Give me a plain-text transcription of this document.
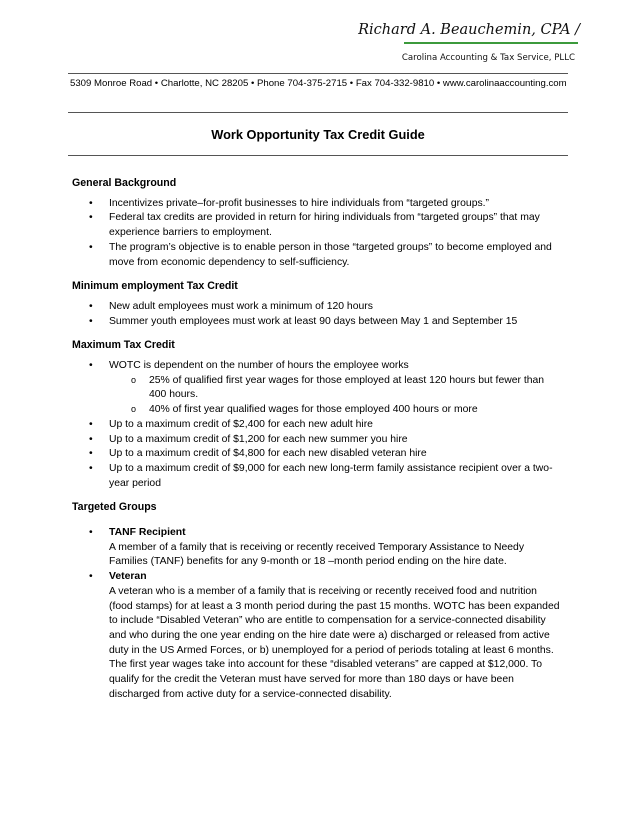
Richard A. Beauchemin, CPA /
Carolina Accounting & Tax Service, PLLC
5309 Monroe Road • Charlotte, NC 28205 • Phone 704-375-2715 • Fax 704-332-9810 • www.carolinaaccounting.com
Work Opportunity Tax Credit Guide
General Background
• Incentivizes private–for-profit businesses to hire individuals from “targeted groups.”
• Federal tax credits are provided in return for hiring individuals from “targeted groups” that may experience barriers to employment.
• The program’s objective is to enable person in those “targeted groups” to become employed and move from economic dependency to self-sufficiency.
Minimum employment Tax Credit
• New adult employees must work a minimum of 120 hours
• Summer youth employees must work at least 90 days between May 1 and September 15
Maximum Tax Credit
• WOTC is dependent on the number of hours the employee works
o 25% of qualified first year wages for those employed at least 120 hours but fewer than 400 hours.
o 40% of first year qualified wages for those employed 400 hours or more
• Up to a maximum credit of $2,400 for each new adult hire
• Up to a maximum credit of $1,200 for each new summer you hire
• Up to a maximum credit of $4,800 for each new disabled veteran hire
• Up to a maximum credit of $9,000 for each new long-term family assistance recipient over a two-year period
Targeted Groups
• TANF Recipient
A member of a family that is receiving or recently received Temporary Assistance to Needy Families (TANF) benefits for any 9-month or 18 –month period ending on the hire date.
• Veteran
A veteran who is a member of a family that is receiving or recently received food and nutrition (food stamps) for at least a 3 month period during the past 15 months. WOTC has been expanded to include “Disabled Veteran” who are entitle to compensation for a service-connected disability and who during the one year ending on the hire date were a) discharged or released from active duty in the US Armed Forces, or b) unemployed for a period of periods totaling at least 6 months. The first year wages take into account for these “disabled veterans” are capped at $12,000. To qualify for the credit the Veteran must have served for more than 180 days or have been discharged from active duty for a service-connected disability.
